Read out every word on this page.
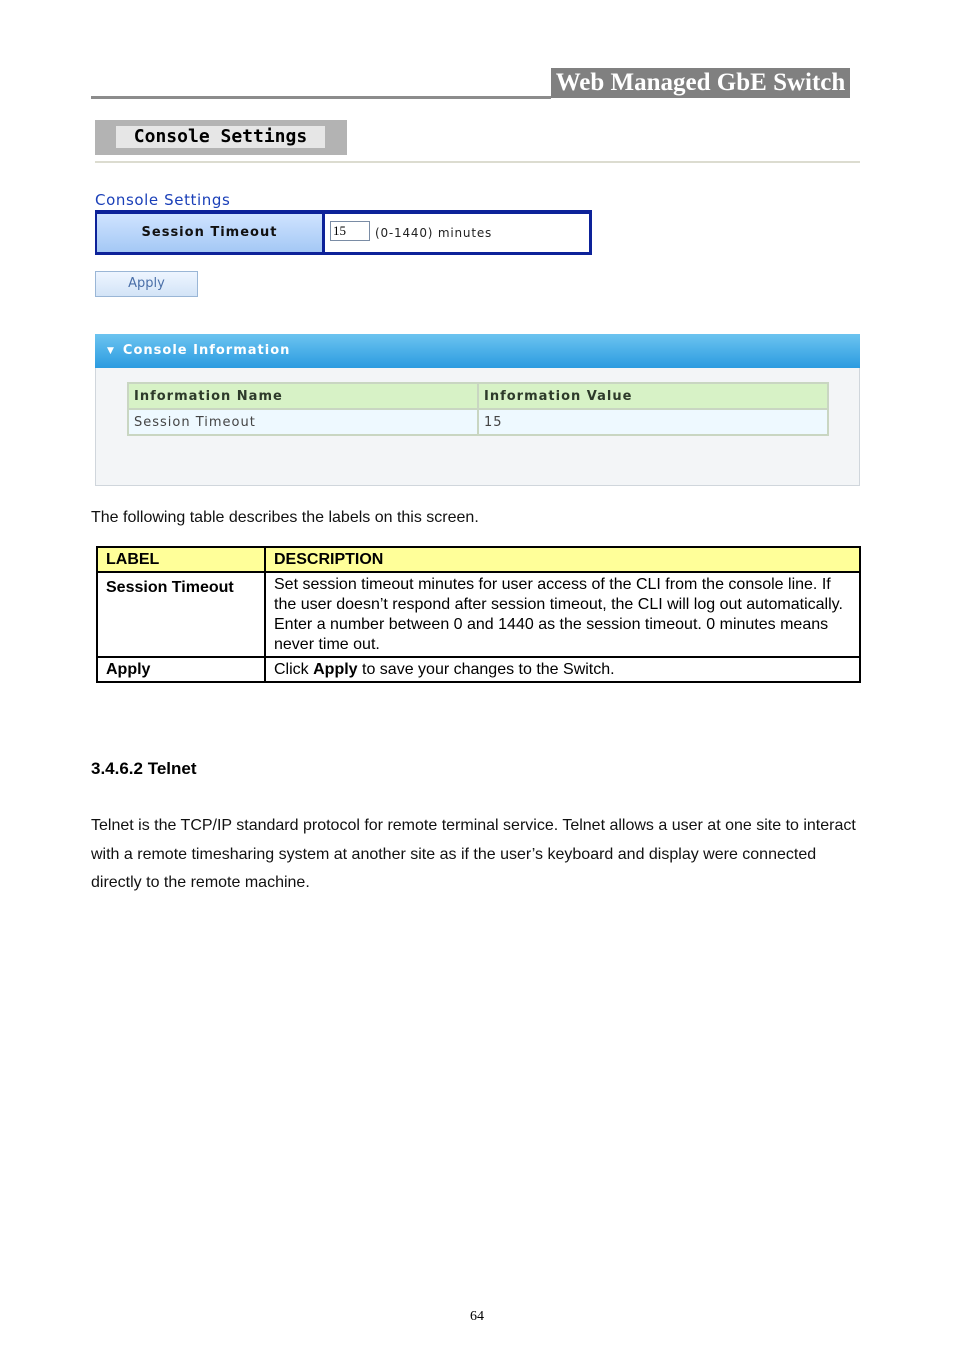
Web Managed GbE Switch
Console Settings
Console Settings
Session Timeout	15	(0-1440) minutes
Apply
▼ Console Information
Information Name	Information Value
Session Timeout	15
The following table describes the labels on this screen.
LABEL	DESCRIPTION
Session Timeout	Set session timeout minutes for user access of the CLI from the console line. If the user doesn’t respond after session timeout, the CLI will log out automatically.
Enter a number between 0 and 1440 as the session timeout. 0 minutes means never time out.

Apply	Click Apply to save your changes to the Switch.
3.4.6.2 Telnet
Telnet is the TCP/IP standard protocol for remote terminal service. Telnet allows a user at one site to interact with a remote timesharing system at another site as if the user’s keyboard and display were connected directly to the remote machine.
64
